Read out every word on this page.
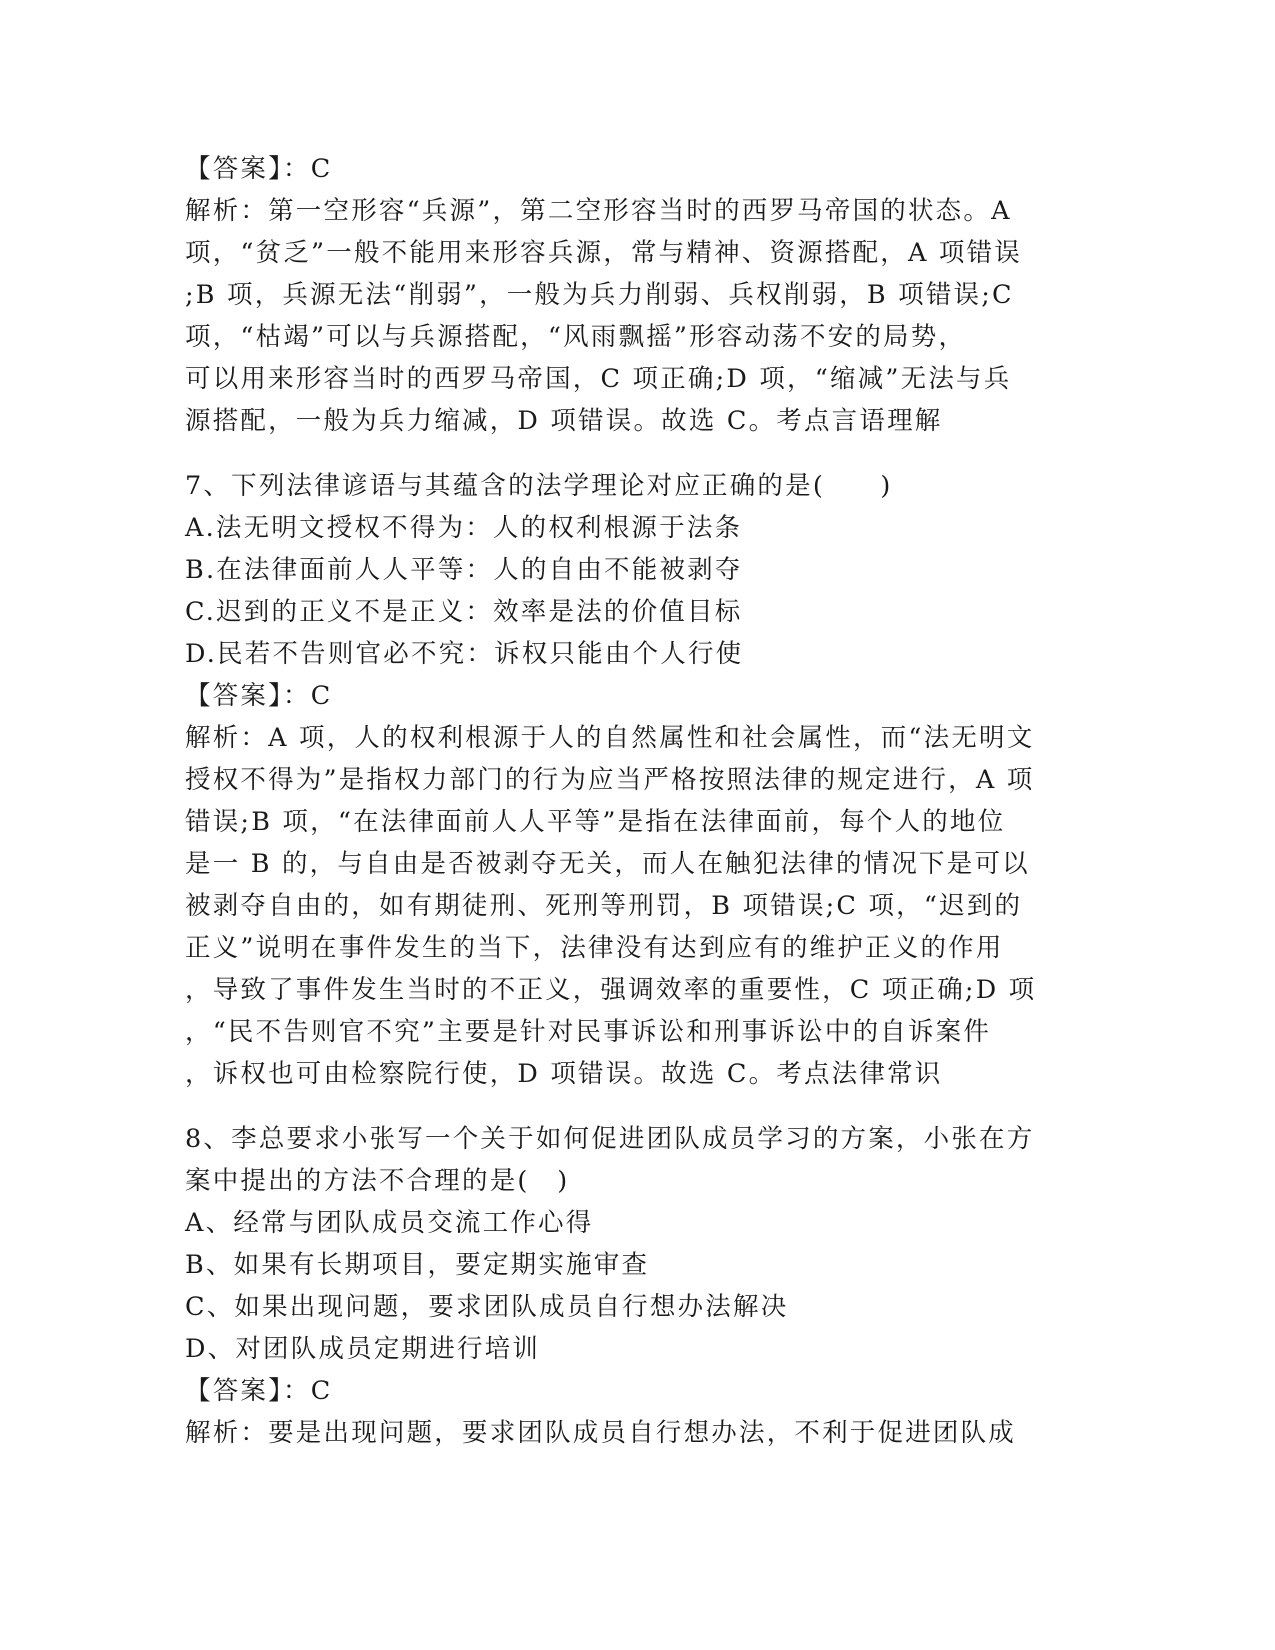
【答案】：C
解析：第一空形容“兵源”，第二空形容当时的西罗马帝国的状态。A
项，“贫乏”一般不能用来形容兵源，常与精神、资源搭配，A 项错误
;B 项，兵源无法“削弱”，一般为兵力削弱、兵权削弱，B 项错误;C
项，“枯竭”可以与兵源搭配，“风雨飘摇”形容动荡不安的局势，
可以用来形容当时的西罗马帝国，C 项正确;D 项，“缩减”无法与兵
源搭配，一般为兵力缩减，D 项错误。故选 C。考点言语理解
7、下列法律谚语与其蕴含的法学理论对应正确的是(　　)
A.法无明文授权不得为：人的权利根源于法条
B.在法律面前人人平等：人的自由不能被剥夺
C.迟到的正义不是正义：效率是法的价值目标
D.民若不告则官必不究：诉权只能由个人行使
【答案】：C
解析：A 项，人的权利根源于人的自然属性和社会属性，而“法无明文
授权不得为”是指权力部门的行为应当严格按照法律的规定进行，A 项
错误;B 项，“在法律面前人人平等”是指在法律面前，每个人的地位
是一 B 的，与自由是否被剥夺无关，而人在触犯法律的情况下是可以
被剥夺自由的，如有期徒刑、死刑等刑罚，B 项错误;C 项，“迟到的
正义”说明在事件发生的当下，法律没有达到应有的维护正义的作用
，导致了事件发生当时的不正义，强调效率的重要性，C 项正确;D 项
，“民不告则官不究”主要是针对民事诉讼和刑事诉讼中的自诉案件
，诉权也可由检察院行使，D 项错误。故选 C。考点法律常识
8、李总要求小张写一个关于如何促进团队成员学习的方案，小张在方
案中提出的方法不合理的是(　)
A、经常与团队成员交流工作心得
B、如果有长期项目，要定期实施审查
C、如果出现问题，要求团队成员自行想办法解决
D、对团队成员定期进行培训
【答案】：C
解析：要是出现问题，要求团队成员自行想办法，不利于促进团队成
